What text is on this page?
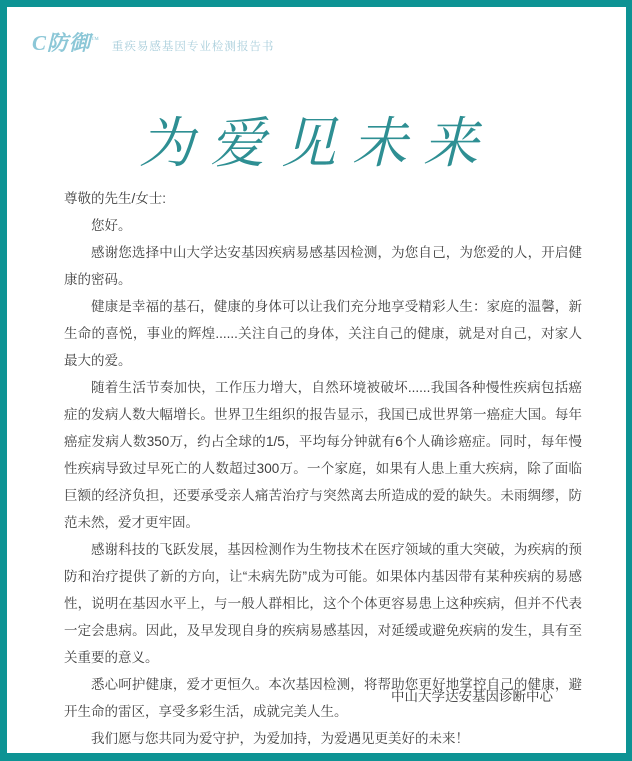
C防御™
重疾易感基因专业检测报告书
为爱见未来

尊敬的先生/女士:

您好。

感谢您选择中山大学达安基因疾病易感基因检测，为您自己，为您爱的人，开启健康的密码。

健康是幸福的基石，健康的身体可以让我们充分地享受精彩人生：家庭的温馨，新生命的喜悦，事业的辉煌......关注自己的身体，关注自己的健康，就是对自己，对家人最大的爱。

随着生活节奏加快，工作压力增大，自然环境被破坏......我国各种慢性疾病包括癌症的发病人数大幅增长。世界卫生组织的报告显示，我国已成世界第一癌症大国。每年癌症发病人数350万，约占全球的1/5，平均每分钟就有6个人确诊癌症。同时，每年慢性疾病导致过早死亡的人数超过300万。一个家庭，如果有人患上重大疾病，除了面临巨额的经济负担，还要承受亲人痛苦治疗与突然离去所造成的爱的缺失。未雨绸缪，防范未然，爱才更牢固。

感谢科技的飞跃发展，基因检测作为生物技术在医疗领域的重大突破，为疾病的预防和治疗提供了新的方向，让“未病先防”成为可能。如果体内基因带有某种疾病的易感性，说明在基因水平上，与一般人群相比，这个个体更容易患上这种疾病，但并不代表一定会患病。因此，及早发现自身的疾病易感基因，对延缓或避免疾病的发生，具有至关重要的意义。

悉心呵护健康，爱才更恒久。本次基因检测，将帮助您更好地掌控自己的健康，避开生命的雷区，享受多彩生活，成就完美人生。

我们愿与您共同为爱守护，为爱加持，为爱遇见更美好的未来！

中山大学达安基因诊断中心
